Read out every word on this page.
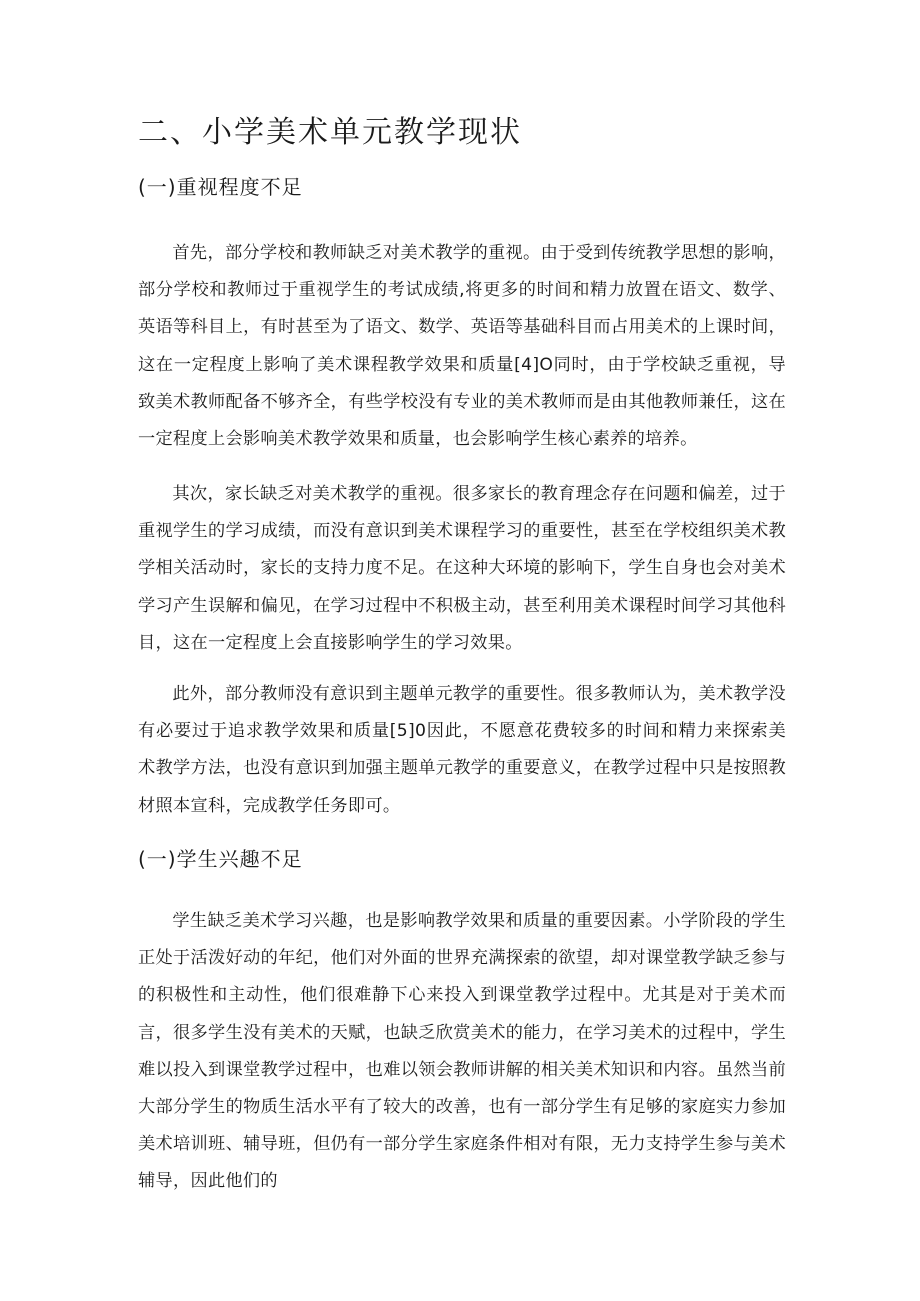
二、小学美术单元教学现状
(一)重视程度不足

首先，部分学校和教师缺乏对美术教学的重视。由于受到传统教学思想的影响，部分学校和教师过于重视学生的考试成绩,将更多的时间和精力放置在语文、数学、英语等科目上，有时甚至为了语文、数学、英语等基础科目而占用美术的上课时间，这在一定程度上影响了美术课程教学效果和质量[4]O同时，由于学校缺乏重视，导致美术教师配备不够齐全，有些学校没有专业的美术教师而是由其他教师兼任，这在一定程度上会影响美术教学效果和质量，也会影响学生核心素养的培养。

其次，家长缺乏对美术教学的重视。很多家长的教育理念存在问题和偏差，过于重视学生的学习成绩，而没有意识到美术课程学习的重要性，甚至在学校组织美术教学相关活动时，家长的支持力度不足。在这种大环境的影响下，学生自身也会对美术学习产生误解和偏见，在学习过程中不积极主动，甚至利用美术课程时间学习其他科目，这在一定程度上会直接影响学生的学习效果。

此外，部分教师没有意识到主题单元教学的重要性。很多教师认为，美术教学没有必要过于追求教学效果和质量[5]0因此，不愿意花费较多的时间和精力来探索美术教学方法，也没有意识到加强主题单元教学的重要意义，在教学过程中只是按照教材照本宣科，完成教学任务即可。

(一)学生兴趣不足

学生缺乏美术学习兴趣，也是影响教学效果和质量的重要因素。小学阶段的学生正处于活泼好动的年纪，他们对外面的世界充满探索的欲望，却对课堂教学缺乏参与的积极性和主动性，他们很难静下心来投入到课堂教学过程中。尤其是对于美术而言，很多学生没有美术的天赋，也缺乏欣赏美术的能力，在学习美术的过程中，学生难以投入到课堂教学过程中，也难以领会教师讲解的相关美术知识和内容。虽然当前大部分学生的物质生活水平有了较大的改善，也有一部分学生有足够的家庭实力参加美术培训班、辅导班，但仍有一部分学生家庭条件相对有限，无力支持学生参与美术辅导，因此他们的
